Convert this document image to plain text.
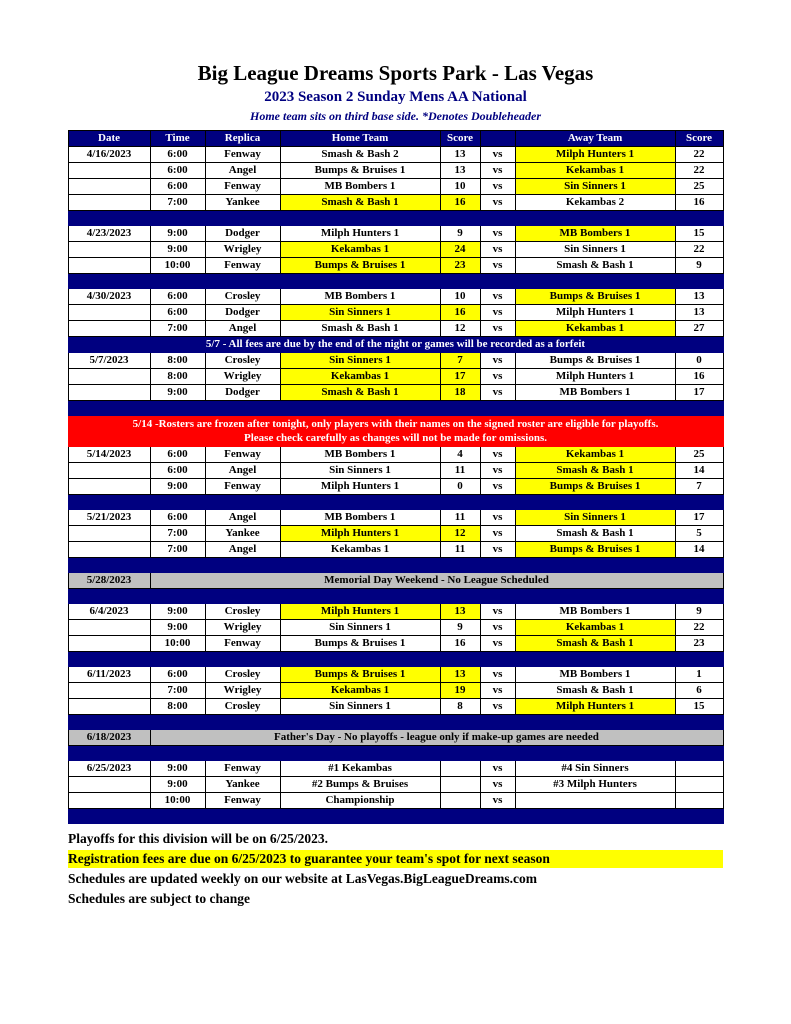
Big League Dreams Sports Park - Las Vegas
2023 Season 2 Sunday Mens AA National
Home team sits on third base side. *Denotes Doubleheader
Date	Time	Replica	Home Team	Score		Away Team	Score
4/16/2023	6:00	Fenway	Smash & Bash 2	13	vs	Milph Hunters 1	22
	6:00	Angel	Bumps & Bruises 1	13	vs	Kekambas 1	22
	6:00	Fenway	MB Bombers 1	10	vs	Sin Sinners 1	25
	7:00	Yankee	Smash & Bash 1	16	vs	Kekambas 2	16

4/23/2023	9:00	Dodger	Milph Hunters 1	9	vs	MB Bombers 1	15
	9:00	Wrigley	Kekambas 1	24	vs	Sin Sinners 1	22
	10:00	Fenway	Bumps & Bruises 1	23	vs	Smash & Bash 1	9

4/30/2023	6:00	Crosley	MB Bombers 1	10	vs	Bumps & Bruises 1	13
	6:00	Dodger	Sin Sinners 1	16	vs	Milph Hunters 1	13
	7:00	Angel	Smash & Bash 1	12	vs	Kekambas 1	27
5/7 - All fees are due by the end of the night or games will be recorded as a forfeit							
5/7/2023	8:00	Crosley	Sin Sinners 1	7	vs	Bumps & Bruises 1	0
	8:00	Wrigley	Kekambas 1	17	vs	Milph Hunters 1	16
	9:00	Dodger	Smash & Bash 1	18	vs	MB Bombers 1	17

5/14 -Rosters are frozen after tonight, only players with their names on the signed roster are eligible for playoffs.
Please check carefully as changes will not be made for omissions.							

5/14/2023	6:00	Fenway	MB Bombers 1	4	vs	Kekambas 1	25
	6:00	Angel	Sin Sinners 1	11	vs	Smash & Bash 1	14
	9:00	Fenway	Milph Hunters 1	0	vs	Bumps & Bruises 1	7

5/21/2023	6:00	Angel	MB Bombers 1	11	vs	Sin Sinners 1	17
	7:00	Yankee	Milph Hunters 1	12	vs	Smash & Bash 1	5
	7:00	Angel	Kekambas 1	11	vs	Bumps & Bruises 1	14

5/28/2023	Memorial Day Weekend - No League Scheduled						

6/4/2023	9:00	Crosley	Milph Hunters 1	13	vs	MB Bombers 1	9
	9:00	Wrigley	Sin Sinners 1	9	vs	Kekambas 1	22
	10:00	Fenway	Bumps & Bruises 1	16	vs	Smash & Bash 1	23

6/11/2023	6:00	Crosley	Bumps & Bruises 1	13	vs	MB Bombers 1	1
	7:00	Wrigley	Kekambas 1	19	vs	Smash & Bash 1	6
	8:00	Crosley	Sin Sinners 1	8	vs	Milph Hunters 1	15

6/18/2023	Father's Day - No playoffs - league only if make-up games are needed						

6/25/2023	9:00	Fenway	#1 Kekambas		vs	#4 Sin Sinners	
	9:00	Yankee	#2 Bumps & Bruises		vs	#3 Milph Hunters	
	10:00	Fenway	Championship		vs		

Playoffs for this division will be on 6/25/2023.
Registration fees are due on 6/25/2023 to guarantee your team's spot for next season
Schedules are updated weekly on our website at LasVegas.BigLeagueDreams.com
Schedules are subject to change
